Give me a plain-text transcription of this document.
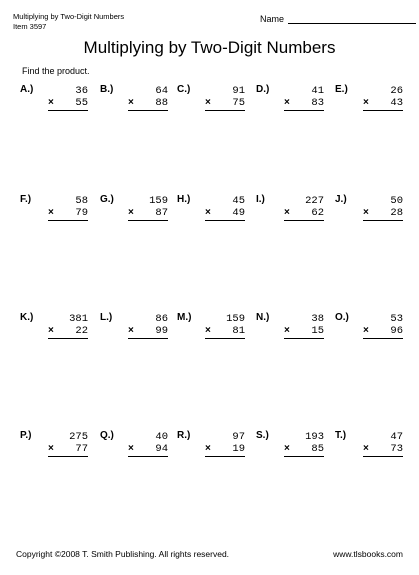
Multiplying by Two-Digit Numbers
Item 3597
Name
Multiplying by Two-Digit Numbers
Find the product.
A.)	36
× 55
B.)	64
× 88
C.)	91
× 75
D.)	41
× 83
E.)	26
× 43
F.)	58
× 79
G.)	159
× 87
H.)	45
× 49
I.)	227
× 62
J.)	50
× 28
K.)	381
× 22
L.)	86
× 99
M.)	159
× 81
N.)	38
× 15
O.)	53
× 96
P.)	275
× 77
Q.)	40
× 94
R.)	97
× 19
S.)	193
× 85
T.)	47
× 73
Copyright ©2008 T. Smith Publishing. All rights reserved.	www.tlsbooks.com
